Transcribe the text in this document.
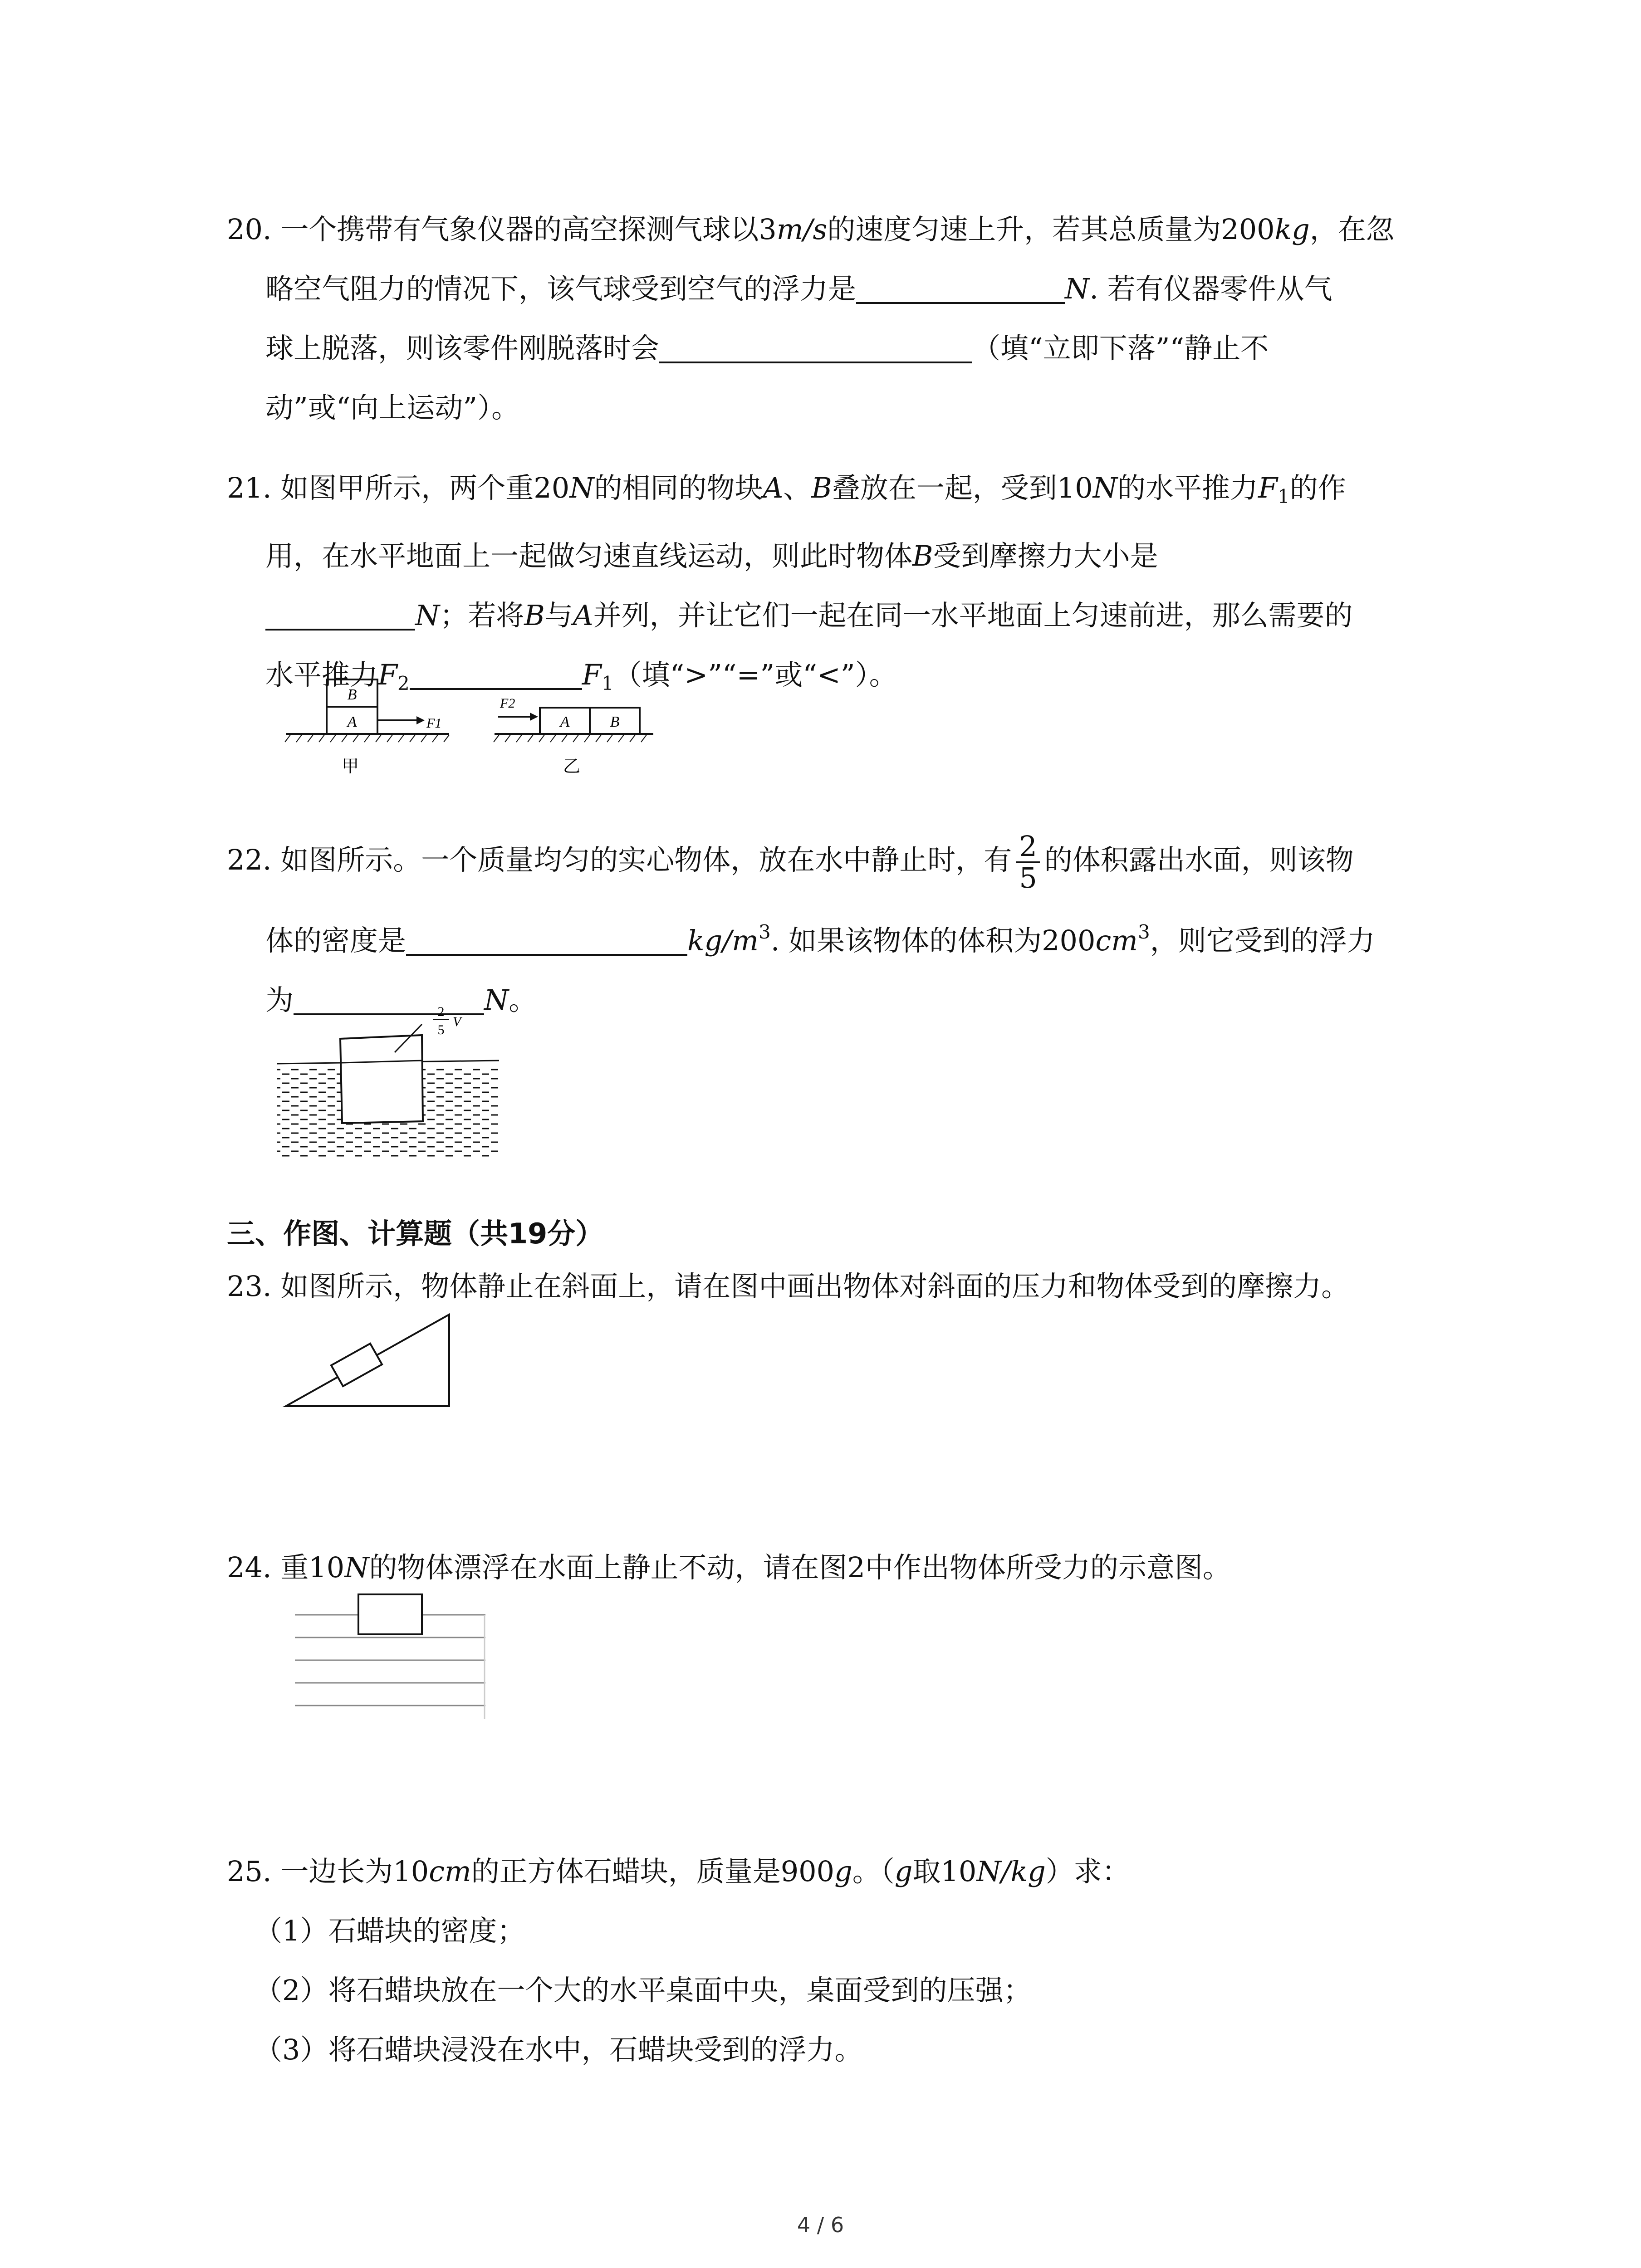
20. 一个携带有气象仪器的高空探测气球以3m/s的速度匀速上升，若其总质量为200kg，在忽

略空气阻力的情况下，该气球受到空气的浮力是	N. 若有仪器零件从气

球上脱落，则该零件刚脱落时会	（填“立即下落”“静止不

动”或“向上运动”）。

21. 如图甲所示，两个重20N的相同的物块A、B叠放在一起，受到10N的水平推力$F_1$的作

用，在水平地面上一起做匀速直线运动，则此时物体B受到摩擦力大小是

N；若将B与A并列，并让它们一起在同一水平地面上匀速前进，那么需要的

水平推力$F_2$	$F_1$（填“>”“=”或“<”）。

B
A	F1
甲
F2
A	B
乙

22. 如图所示。一个质量均匀的实心物体，放在水中静止时，有 $\frac{2}{5}$ 的体积露出水面，则该物

体的密度是	$kg/m^3$. 如果该物体的体积为$200cm^3$，则它受到的浮力

为	N。

2
5
V
三、作图、计算题（共19分）

23. 如图所示，物体静止在斜面上，请在图中画出物体对斜面的压力和物体受到的摩擦力。

24. 重10N的物体漂浮在水面上静止不动，请在图2中作出物体所受力的示意图。

25. 一边长为10cm的正方体石蜡块，质量是900g。（g取10N/kg）求：

（1）石蜡块的密度；

（2）将石蜡块放在一个大的水平桌面中央，桌面受到的压强；

（3）将石蜡块浸没在水中，石蜡块受到的浮力。

4 / 6
